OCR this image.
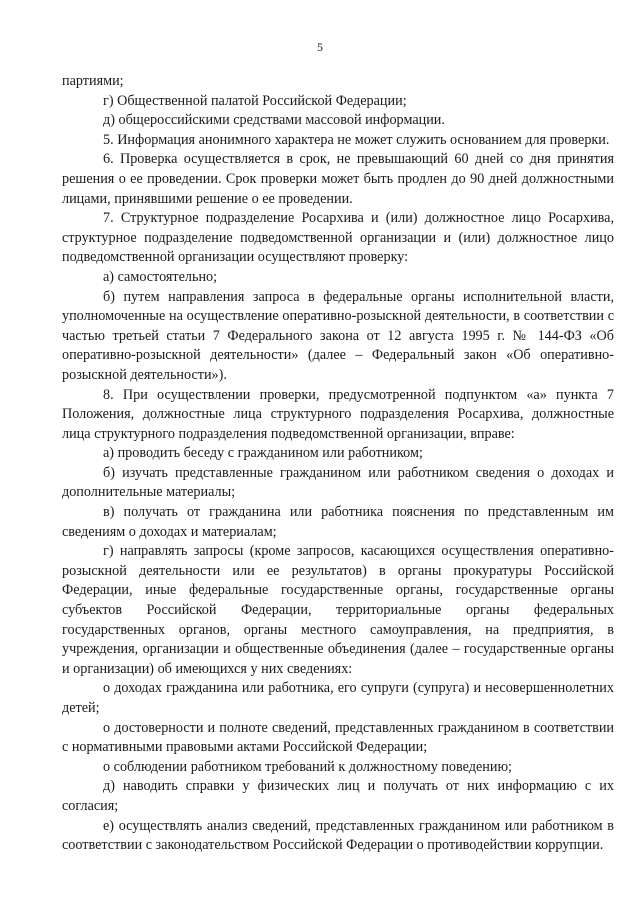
5

партиями;

г) Общественной палатой Российской Федерации;

д) общероссийскими средствами массовой информации.

5. Информация анонимного характера не может служить основанием для проверки.

6. Проверка осуществляется в срок, не превышающий 60 дней со дня принятия решения о ее проведении. Срок проверки может быть продлен до 90 дней должностными лицами, принявшими решение о ее проведении.

7. Структурное подразделение Росархива и (или) должностное лицо Росархива, структурное подразделение подведомственной организации и (или) должностное лицо подведомственной организации осуществляют проверку:

а) самостоятельно;

б) путем направления запроса в федеральные органы исполнительной власти, уполномоченные на осуществление оперативно-розыскной деятельности, в соответствии с частью третьей статьи 7 Федерального закона от 12 августа 1995 г. № 144-ФЗ «Об оперативно-розыскной деятельности» (далее – Федеральный закон «Об оперативно-розыскной деятельности»).

8. При осуществлении проверки, предусмотренной подпунктом «а» пункта 7 Положения, должностные лица структурного подразделения Росархива, должностные лица структурного подразделения подведомственной организации, вправе:

а) проводить беседу с гражданином или работником;

б) изучать представленные гражданином или работником сведения о доходах и дополнительные материалы;

в) получать от гражданина или работника пояснения по представленным им сведениям о доходах и материалам;

г) направлять запросы (кроме запросов, касающихся осуществления оперативно-розыскной деятельности или ее результатов) в органы прокуратуры Российской Федерации, иные федеральные государственные органы, государственные органы субъектов Российской Федерации, территориальные органы федеральных государственных органов, органы местного самоуправления, на предприятия, в учреждения, организации и общественные объединения (далее – государственные органы и организации) об имеющихся у них сведениях:

о доходах гражданина или работника, его супруги (супруга) и несовершеннолетних детей;

о достоверности и полноте сведений, представленных гражданином в соответствии с нормативными правовыми актами Российской Федерации;

о соблюдении работником требований к должностному поведению;

д) наводить справки у физических лиц и получать от них информацию с их согласия;

е) осуществлять анализ сведений, представленных гражданином или работником в соответствии с законодательством Российской Федерации о противодействии коррупции.
